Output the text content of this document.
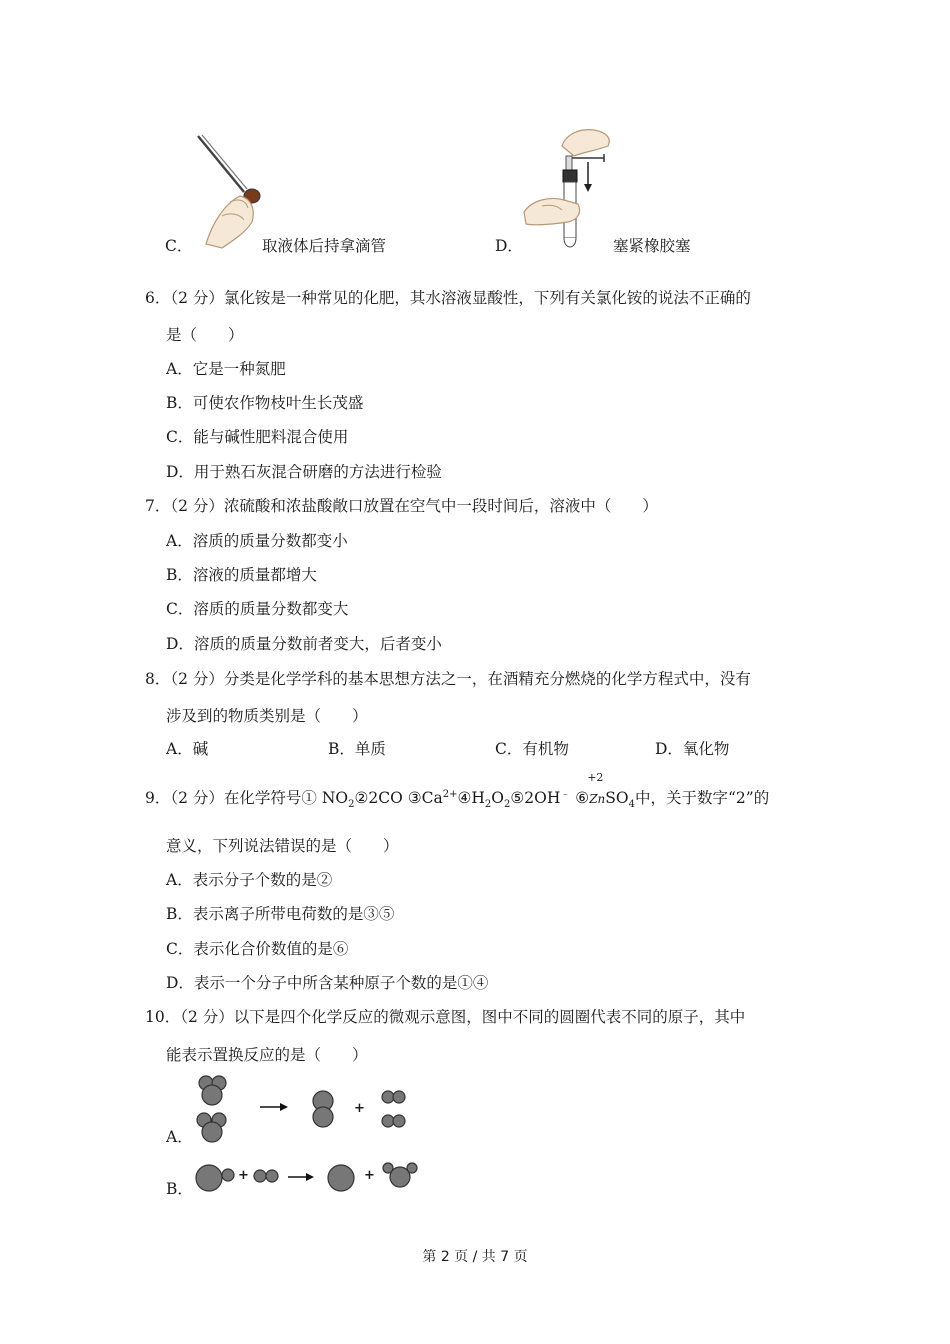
C．	取液体后持拿滴管	D．	塞紧橡胶塞
6．（2 分）氯化铵是一种常见的化肥，其水溶液显酸性，下列有关氯化铵的说法不正确的
是（　　）
A．它是一种氮肥
B．可使农作物枝叶生长茂盛
C．能与碱性肥料混合使用
D．用于熟石灰混合研磨的方法进行检验
7．（2 分）浓硫酸和浓盐酸敞口放置在空气中一段时间后，溶液中（　　）
A．溶质的质量分数都变小
B．溶液的质量都增大
C．溶质的质量分数都变大
D．溶质的质量分数前者变大，后者变小
8．（2 分）分类是化学学科的基本思想方法之一，在酒精充分燃烧的化学方程式中，没有
涉及到的物质类别是（　　）
A．碱	B．单质	C．有机物	D．氧化物
9．（2 分）在化学符号① $NO_2②2CO$ $③Ca^{2+}④H_2O_2⑤2OH^﹣$ ⑥
+2
ZnSO$_4$中，关于数字“2”的
意义，下列说法错误的是（　　）
A．表示分子个数的是②
B．表示离子所带电荷数的是③⑤
C．表示化合价数值的是⑥
D．表示一个分子中所含某种原子个数的是①④
10．（2 分）以下是四个化学反应的微观示意图，图中不同的圆圈代表不同的原子，其中
能表示置换反应的是（　　）
A．
+
B．
+	+
第 2 页 / 共 7 页
